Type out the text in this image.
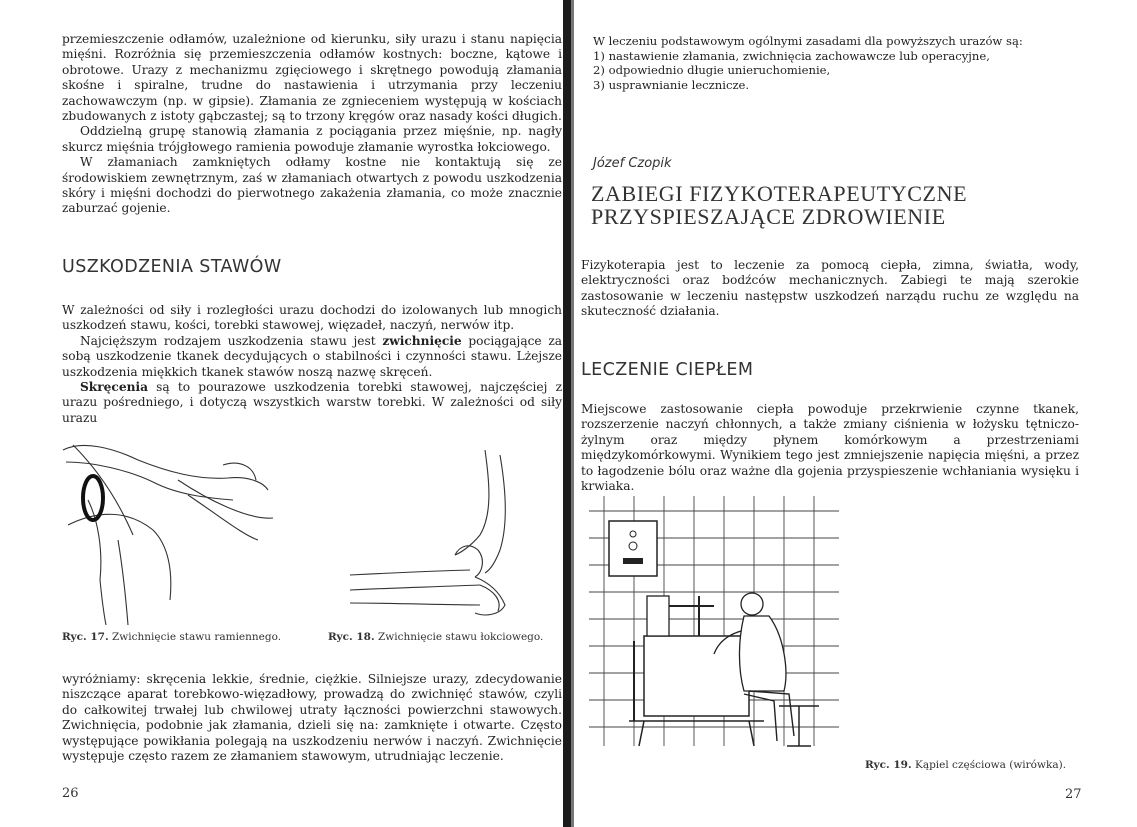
przemieszczenie odłamów, uzależnione od kierunku, siły urazu i stanu napięcia mięśni. Rozróżnia się przemieszczenia odłamów kostnych: boczne, kątowe i obrotowe. Urazy z mechanizmu zgięciowego i skrętnego powodują złamania skośne i spiralne, trudne do nastawienia i utrzymania przy leczeniu zachowawczym (np. w gipsie). Złamania ze zgnieceniem występują w kościach zbudowanych z istoty gąbczastej; są to trzony kręgów oraz nasady kości długich.

Oddzielną grupę stanowią złamania z pociągania przez mięśnie, np. nagły skurcz mięśnia trójgłowego ramienia powoduje złamanie wyrostka łokciowego.

W złamaniach zamkniętych odłamy kostne nie kontaktują się ze środowiskiem zewnętrznym, zaś w złamaniach otwartych z powodu uszkodzenia skóry i mięśni dochodzi do pierwotnego zakażenia złamania, co może znacznie zaburzać gojenie.

USZKODZENIA STAWÓW

W zależności od siły i rozległości urazu dochodzi do izolowanych lub mnogich uszkodzeń stawu, kości, torebki stawowej, więzadeł, naczyń, nerwów itp.

Najcięższym rodzajem uszkodzenia stawu jest zwichnięcie pociągające za sobą uszkodzenie tkanek decydujących o stabilności i czynności stawu. Lżejsze uszkodzenia miękkich tkanek stawów noszą nazwę skręceń.

Skręcenia są to pourazowe uszkodzenia torebki stawowej, najczęściej z urazu pośredniego, i dotyczą wszystkich warstw torebki. W zależności od siły urazu

Ryc. 17. Zwichnięcie stawu ramiennego.	Ryc. 18. Zwichnięcie stawu łokciowego.

wyróżniamy: skręcenia lekkie, średnie, ciężkie. Silniejsze urazy, zdecydowanie niszczące aparat torebkowo-więzadłowy, prowadzą do zwichnięć stawów, czyli do całkowitej trwałej lub chwilowej utraty łączności powierzchni stawowych. Zwichnięcia, podobnie jak złamania, dzieli się na: zamknięte i otwarte. Często występujące powikłania polegają na uszkodzeniu nerwów i naczyń. Zwichnięcie występuje często razem ze złamaniem stawowym, utrudniając leczenie.

26
W leczeniu podstawowym ogólnymi zasadami dla powyższych urazów są:
1) nastawienie złamania, zwichnięcia zachowawcze lub operacyjne,
2) odpowiednio długie unieruchomienie,
3) usprawnianie lecznicze.
Józef Czopik
ZABIEGI FIZYKOTERAPEUTYCZNE
PRZYSPIESZAJĄCE ZDROWIENIE

Fizykoterapia jest to leczenie za pomocą ciepła, zimna, światła, wody, elektryczności oraz bodźców mechanicznych. Zabiegi te mają szerokie zastosowanie w leczeniu następstw uszkodzeń narządu ruchu ze względu na skuteczność działania.

LECZENIE CIEPŁEM

Miejscowe zastosowanie ciepła powoduje przekrwienie czynne tkanek, rozszerzenie naczyń chłonnych, a także zmiany ciśnienia w łożysku tętniczo-żylnym oraz między płynem komórkowym a przestrzeniami międzykomórkowymi. Wynikiem tego jest zmniejszenie napięcia mięśni, a przez to łagodzenie bólu oraz ważne dla gojenia przyspieszenie wchłaniania wysięku i krwiaka.

Ryc. 19. Kąpiel częściowa (wirówka).
27
